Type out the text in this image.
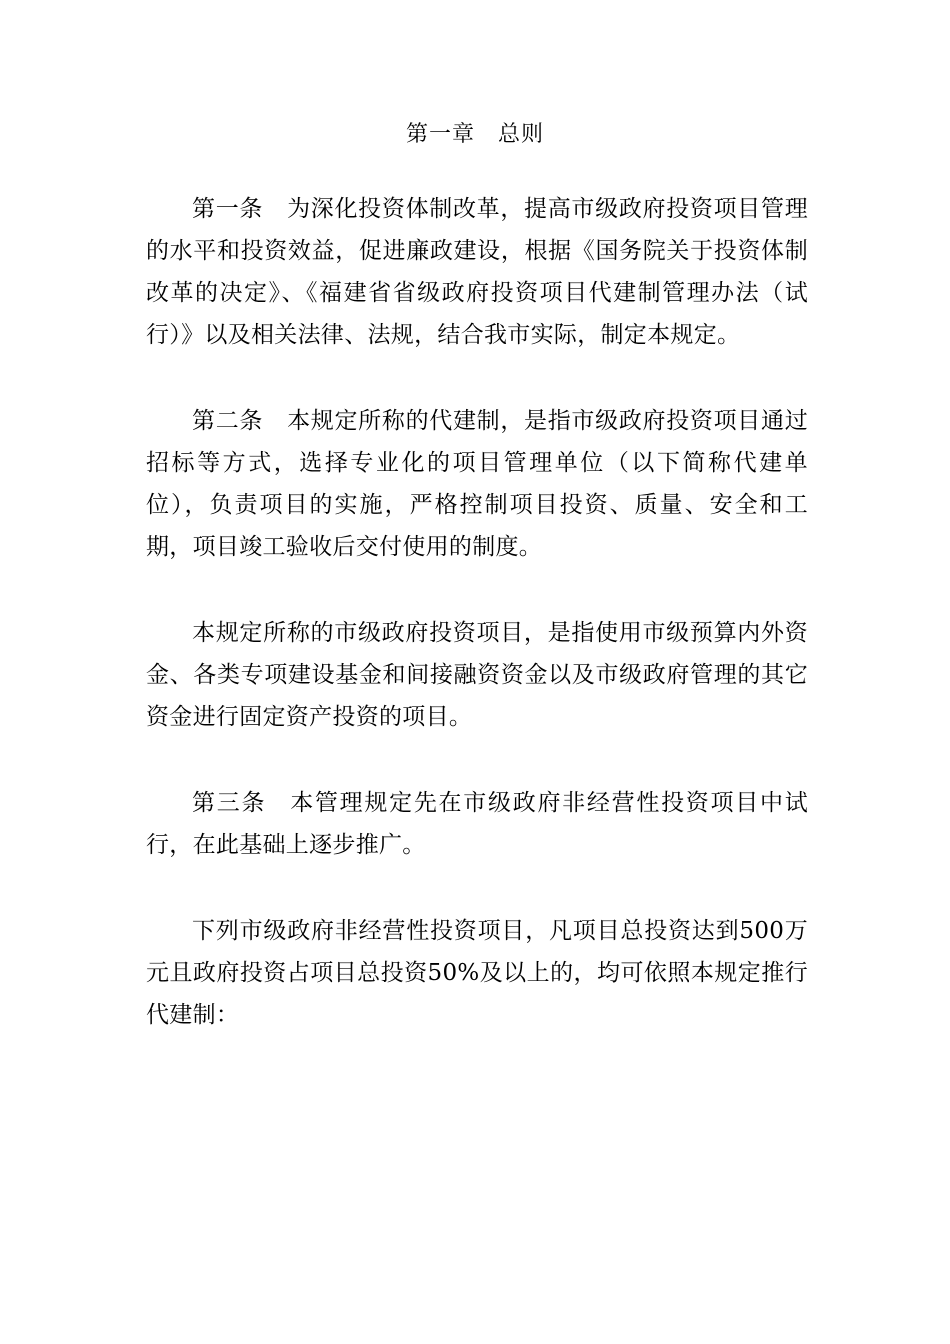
第一章　总则

第一条 为深化投资体制改革，提高市级政府投资项目管理的水平和投资效益，促进廉政建设，根据《国务院关于投资体制改革的决定》、《福建省省级政府投资项目代建制管理办法（试行）》以及相关法律、法规，结合我市实际，制定本规定。

第二条 本规定所称的代建制，是指市级政府投资项目通过招标等方式，选择专业化的项目管理单位（以下简称代建单位），负责项目的实施，严格控制项目投资、质量、安全和工期，项目竣工验收后交付使用的制度。

本规定所称的市级政府投资项目，是指使用市级预算内外资金、各类专项建设基金和间接融资资金以及市级政府管理的其它资金进行固定资产投资的项目。

第三条 本管理规定先在市级政府非经营性投资项目中试行，在此基础上逐步推广。

下列市级政府非经营性投资项目，凡项目总投资达到500万元且政府投资占项目总投资50%及以上的，均可依照本规定推行代建制：
